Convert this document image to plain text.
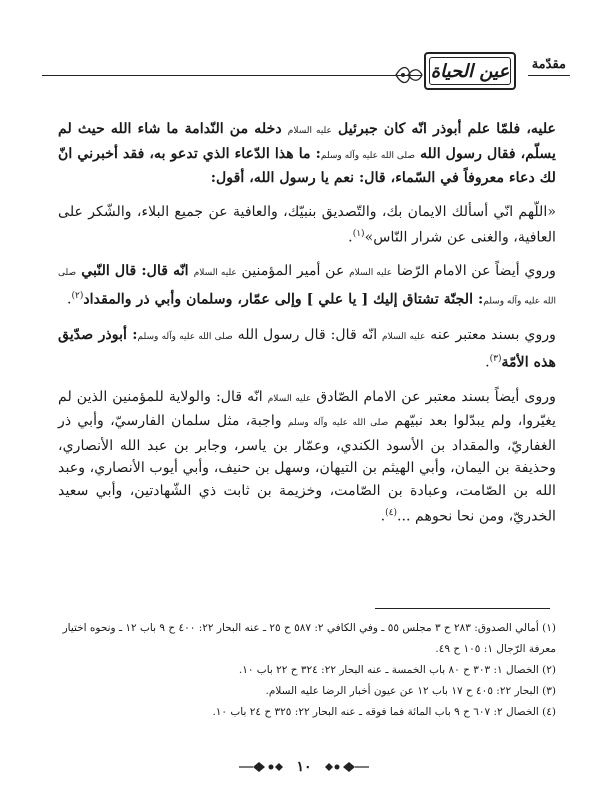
مقدّمة
عين الحياة

عليه، فلمّا علم أبوذر انّه كان جبرئيل عليه السلام دخله من النّدامة ما شاء الله حيث لم يسلّم، فقال رسول الله صلى الله عليه وآله وسلم: ما هذا الدّعاء الذي تدعو به، فقد أخبرني انّ لك دعاء معروفاً في السّماء، قال: نعم يا رسول الله، أقول:

«اللّهم انّي أسألك الايمان بك، والتّصديق بنبيّك، والعافية عن جميع البلاء، والشّكر على العافية، والغنى عن شرار النّاس»$^{(١)}$.

وروي أيضاً عن الامام الرّضا عليه السلام عن أمير المؤمنين عليه السلام انّه قال: قال النّبي صلى الله عليه وآله وسلم: الجنّة تشتاق إليك [ يا علي ] وإلى عمّار، وسلمان وأبي ذر والمقداد$^{(٢)}$.

وروي بسند معتبر عنه عليه السلام انّه قال: قال رسول الله صلى الله عليه وآله وسلم: أبوذر صدّيق هذه الأمّة$^{(٣)}$.

وروى أيضاً بسند معتبر عن الامام الصّادق عليه السلام انّه قال: والولاية للمؤمنين الذين لم يغيّروا، ولم يبدّلوا بعد نبيّهم صلى الله عليه وآله وسلم واجبة، مثل سلمان الفارسيّ، وأبي ذر الغفاريّ، والمقداد بن الأسود الكندي، وعمّار بن ياسر، وجابر بن عبد الله الأنصاري، وحذيفة بن اليمان، وأبي الهيثم بن التيهان، وسهل بن حنيف، وأبي أيوب الأنصاري، وعبد الله بن الصّامت، وعبادة بن الصّامت، وخزيمة بن ثابت ذي الشّهادتين، وأبي سعيد الخدريّ، ومن نحا نحوهم ...$^{(٤)}$.

(١) أمالي الصدوق: ٢٨٣ ح ٣ مجلس ٥٥ ـ وفي الكافي ٢: ٥٨٧ ح ٢٥ ـ عنه البحار ٢٢: ٤٠٠ ح ٩ باب ١٢ ـ ونحوه اختيار معرفة الرّجال ١: ١٠٥ ح ٤٩.

(٢) الخصال ١: ٣٠٣ ح ٨٠ باب الخمسة ـ عنه البحار ٢٢: ٣٢٤ ح ٢٢ باب ١٠.

(٣) البحار ٢٢: ٤٠٥ ح ١٧ باب ١٢ عن عيون أخبار الرضا عليه السلام.

(٤) الخصال ٢: ٦٠٧ ح ٩ باب المائة فما فوقه ـ عنه البحار ٢٢: ٣٢٥ ح ٢٤ باب ١٠.

١٠
